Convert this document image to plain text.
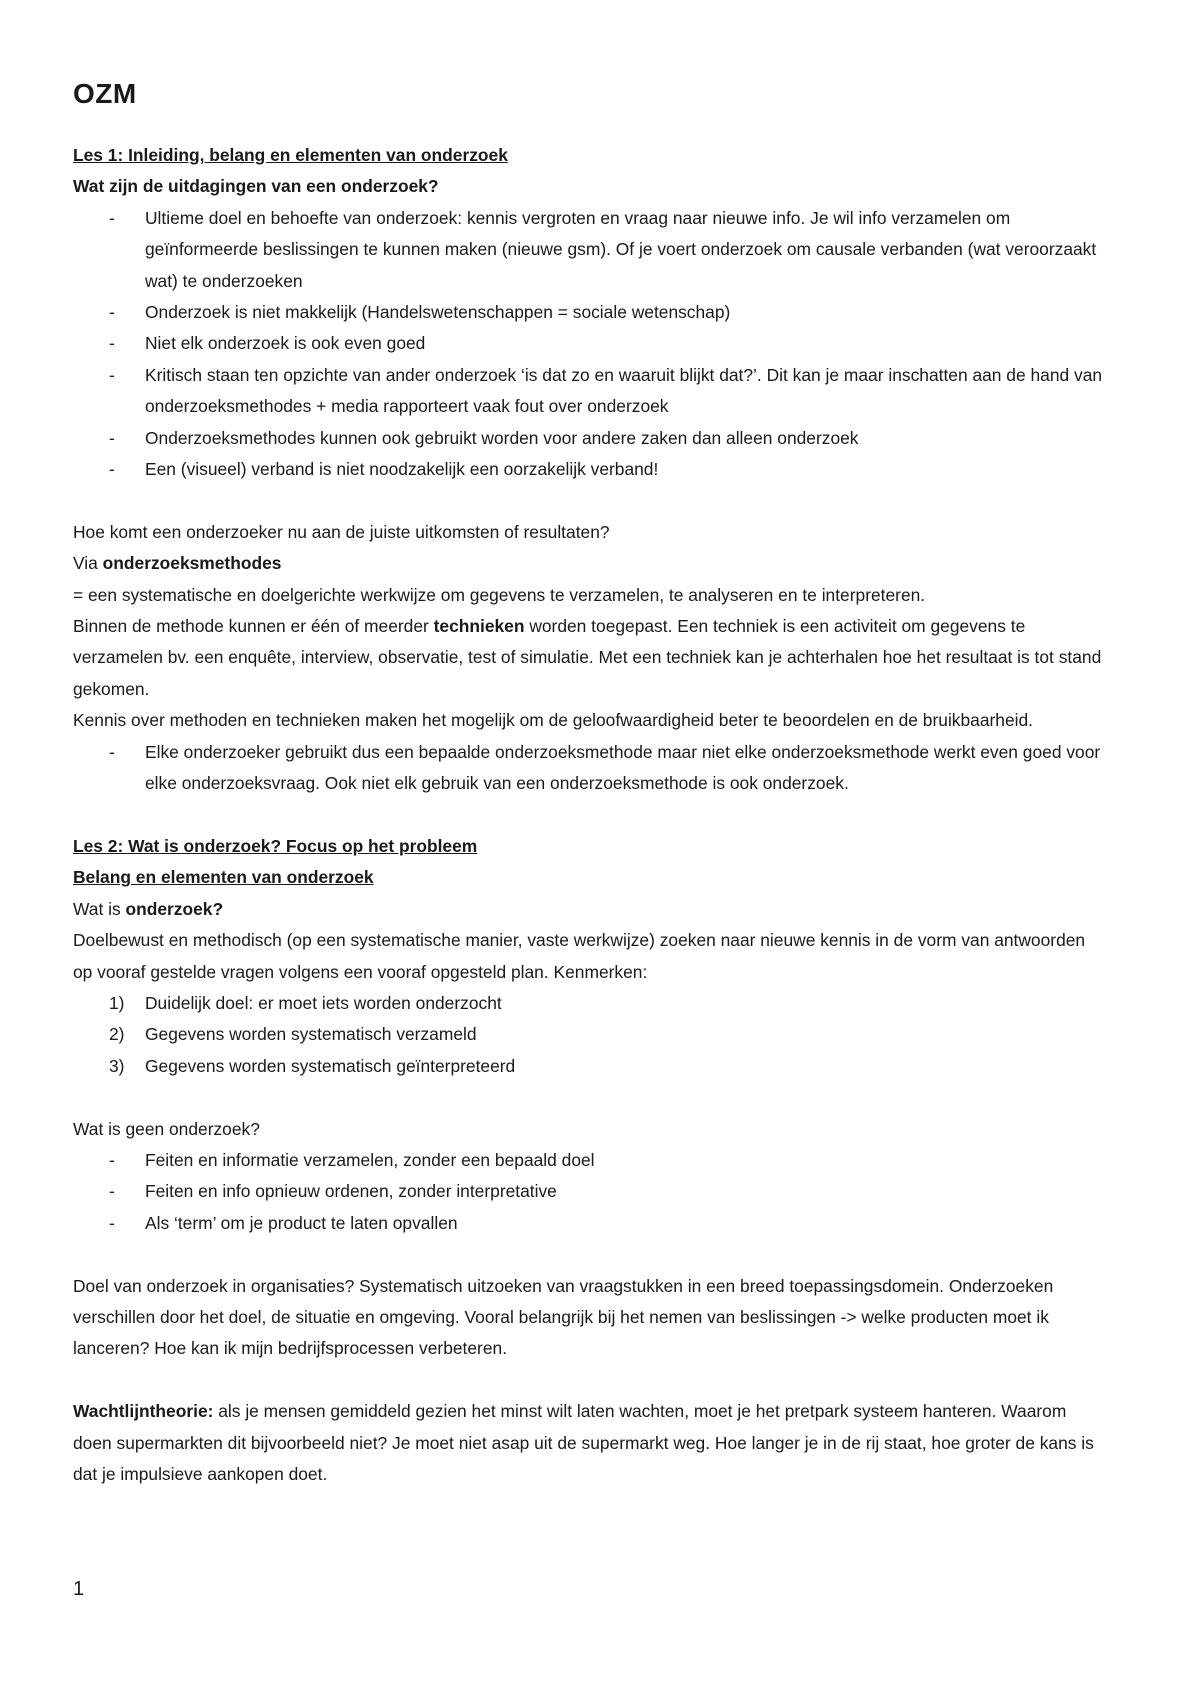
OZM

Les 1: Inleiding, belang en elementen van onderzoek

Wat zijn de uitdagingen van een onderzoek?

- Ultieme doel en behoefte van onderzoek: kennis vergroten en vraag naar nieuwe info. Je wil info verzamelen om geïnformeerde beslissingen te kunnen maken (nieuwe gsm). Of je voert onderzoek om causale verbanden (wat veroorzaakt wat) te onderzoeken
- Onderzoek is niet makkelijk (Handelswetenschappen = sociale wetenschap)
- Niet elk onderzoek is ook even goed
- Kritisch staan ten opzichte van ander onderzoek ‘is dat zo en waaruit blijkt dat?’. Dit kan je maar inschatten aan de hand van onderzoeksmethodes + media rapporteert vaak fout over onderzoek
- Onderzoeksmethodes kunnen ook gebruikt worden voor andere zaken dan alleen onderzoek
- Een (visueel) verband is niet noodzakelijk een oorzakelijk verband!

Hoe komt een onderzoeker nu aan de juiste uitkomsten of resultaten?

Via onderzoeksmethodes

= een systematische en doelgerichte werkwijze om gegevens te verzamelen, te analyseren en te interpreteren.

Binnen de methode kunnen er één of meerder technieken worden toegepast. Een techniek is een activiteit om gegevens te verzamelen bv. een enquête, interview, observatie, test of simulatie. Met een techniek kan je achterhalen hoe het resultaat is tot stand gekomen.

Kennis over methoden en technieken maken het mogelijk om de geloofwaardigheid beter te beoordelen en de bruikbaarheid.

- Elke onderzoeker gebruikt dus een bepaalde onderzoeksmethode maar niet elke onderzoeksmethode werkt even goed voor elke onderzoeksvraag. Ook niet elk gebruik van een onderzoeksmethode is ook onderzoek.

Les 2: Wat is onderzoek? Focus op het probleem

Belang en elementen van onderzoek

Wat is onderzoek?

Doelbewust en methodisch (op een systematische manier, vaste werkwijze) zoeken naar nieuwe kennis in de vorm van antwoorden op vooraf gestelde vragen volgens een vooraf opgesteld plan. Kenmerken:

1) Duidelijk doel: er moet iets worden onderzocht
2) Gegevens worden systematisch verzameld
3) Gegevens worden systematisch geïnterpreteerd

Wat is geen onderzoek?

- Feiten en informatie verzamelen, zonder een bepaald doel
- Feiten en info opnieuw ordenen, zonder interpretative
- Als ‘term’ om je product te laten opvallen

Doel van onderzoek in organisaties? Systematisch uitzoeken van vraagstukken in een breed toepassingsdomein. Onderzoeken verschillen door het doel, de situatie en omgeving. Vooral belangrijk bij het nemen van beslissingen -> welke producten moet ik lanceren? Hoe kan ik mijn bedrijfsprocessen verbeteren.

Wachtlijntheorie: als je mensen gemiddeld gezien het minst wilt laten wachten, moet je het pretpark systeem hanteren. Waarom doen supermarkten dit bijvoorbeeld niet? Je moet niet asap uit de supermarkt weg. Hoe langer je in de rij staat, hoe groter de kans is dat je impulsieve aankopen doet.

1
